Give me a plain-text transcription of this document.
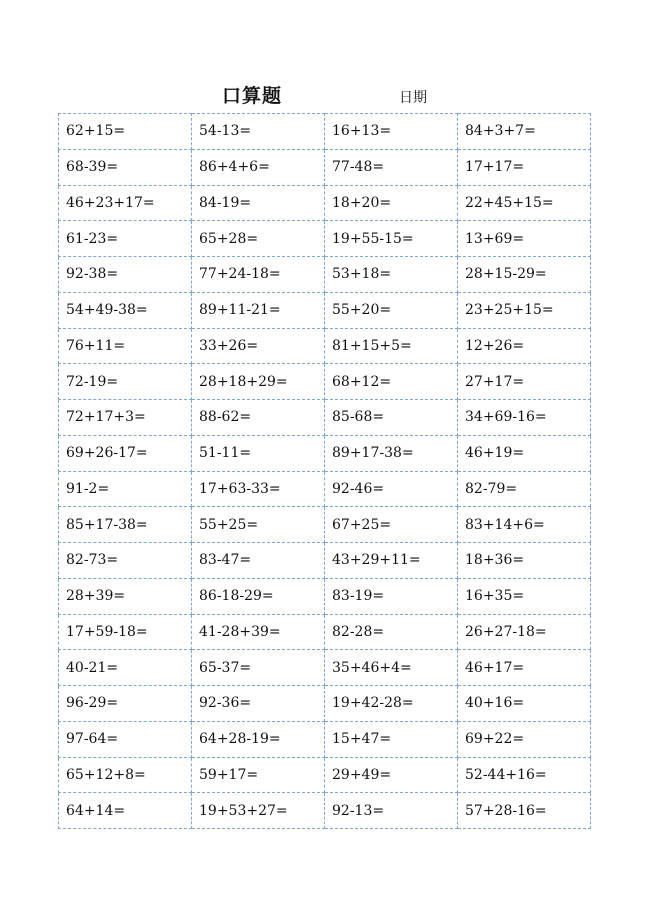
口算题	日期
62+15=	54-13=	16+13=	84+3+7=
68-39=	86+4+6=	77-48=	17+17=
46+23+17=	84-19=	18+20=	22+45+15=
61-23=	65+28=	19+55-15=	13+69=
92-38=	77+24-18=	53+18=	28+15-29=
54+49-38=	89+11-21=	55+20=	23+25+15=
76+11=	33+26=	81+15+5=	12+26=
72-19=	28+18+29=	68+12=	27+17=
72+17+3=	88-62=	85-68=	34+69-16=
69+26-17=	51-11=	89+17-38=	46+19=
91-2=	17+63-33=	92-46=	82-79=
85+17-38=	55+25=	67+25=	83+14+6=
82-73=	83-47=	43+29+11=	18+36=
28+39=	86-18-29=	83-19=	16+35=
17+59-18=	41-28+39=	82-28=	26+27-18=
40-21=	65-37=	35+46+4=	46+17=
96-29=	92-36=	19+42-28=	40+16=
97-64=	64+28-19=	15+47=	69+22=
65+12+8=	59+17=	29+49=	52-44+16=
64+14=	19+53+27=	92-13=	57+28-16=
